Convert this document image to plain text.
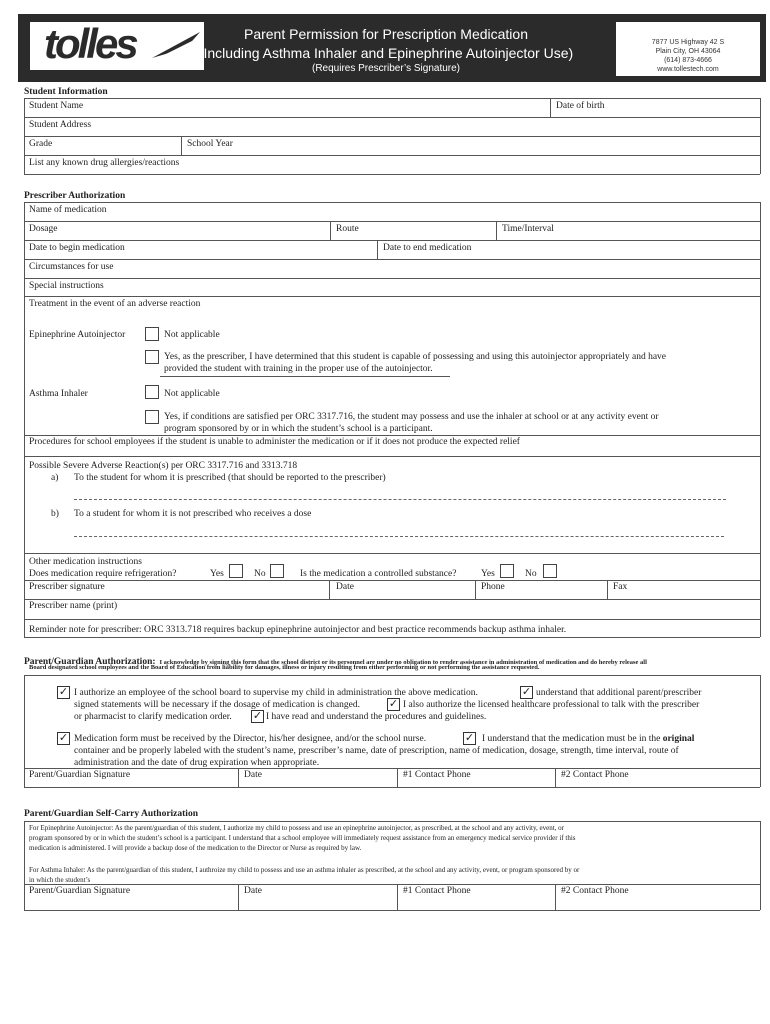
tolles	Parent Permission for Prescription Medication
(Including Asthma Inhaler and Epinephrine Autoinjector Use)
(Requires Prescriber’s Signature)
7877 US Highway 42 S
Plain City, OH 43064
(614) 873-4666
www.tollestech.com
Student Information
Student Name	Date of birth
Student Address
Grade	School Year
List any known drug allergies/reactions
Prescriber Authorization
Name of medication
Dosage	Route	Time/Interval
Date to begin medication	Date to end medication
Circumstances for use
Special instructions
Treatment in the event of an adverse reaction
Epinephrine Autoinjector	Not applicable
Yes, as the prescriber, I have determined that this student is capable of possessing and using this autoinjector appropriately and have
provided the student with training in the proper use of the autoinjector.
Asthma Inhaler	Not applicable
Yes, if conditions are satisfied per ORC 3317.716, the student may possess and use the inhaler at school or at any activity event or
program sponsored by or in which the student’s school is a participant.
Procedures for school employees if the student is unable to administer the medication or if it does not produce the expected relief
Possible Severe Adverse Reaction(s) per ORC 3317.716 and 3313.718
a) To the student for whom it is prescribed (that should be reported to the prescriber)
b) To a student for whom it is not prescribed who receives a dose
Other medication instructions
Does medication require refrigeration?	Yes	No	Is the medication a controlled substance?	Yes	No
Prescriber signature	Date	Phone	Fax
Prescriber name (print)
Reminder note for prescriber: ORC 3313.718 requires backup epinephrine autoinjector and best practice recommends backup asthma inhaler.
Parent/Guardian Authorization: I acknowledge by signing this form that the school district or its personnel are under no obligation to render assistance in administration of medication and do hereby release all
Board designated school employees and the Board of Education from liability for damages, illness or injury resulting from either performing or not performing the assistance requested.
✓ I authorize an employee of the school board to supervise my child in administration the above medication.	✓ understand that additional parent/prescriber
signed statements will be necessary if the dosage of medication is changed.	✓ I also authorize the licensed healthcare professional to talk with the prescriber
or pharmacist to clarify medication order. ✓ I have read and understand the procedures and guidelines.
✓ Medication form must be received by the Director, his/her designee, and/or the school nurse.	✓ I understand that the medication must be in the original
container and be properly labeled with the student’s name, prescriber’s name, date of prescription, name of medication, dosage, strength, time interval, route of
administration and the date of drug expiration when appropriate.
Parent/Guardian Signature	Date	#1 Contact Phone	#2 Contact Phone
Parent/Guardian Self-Carry Authorization
For Epinephrine Autoinjector: As the parent/guardian of this student, I authorize my child to possess and use an epinephrine autoinjector, as prescribed, at the school and any activity, event, or
program sponsored by or in which the student’s school is a participant. I understand that a school employee will immediately request assistance from an emergency medical service provider if this
medication is administered. I will provide a backup dose of the medication to the Director or Nurse as required by law.
For Asthma Inhaler: As the parent/guardian of this student, I authroize my child to possess and use an asthma inhaler as prescribed, at the school and any activity, event, or program sponsored by or
in which the student’s
Parent/Guardian Signature	Date	#1 Contact Phone	#2 Contact Phone
